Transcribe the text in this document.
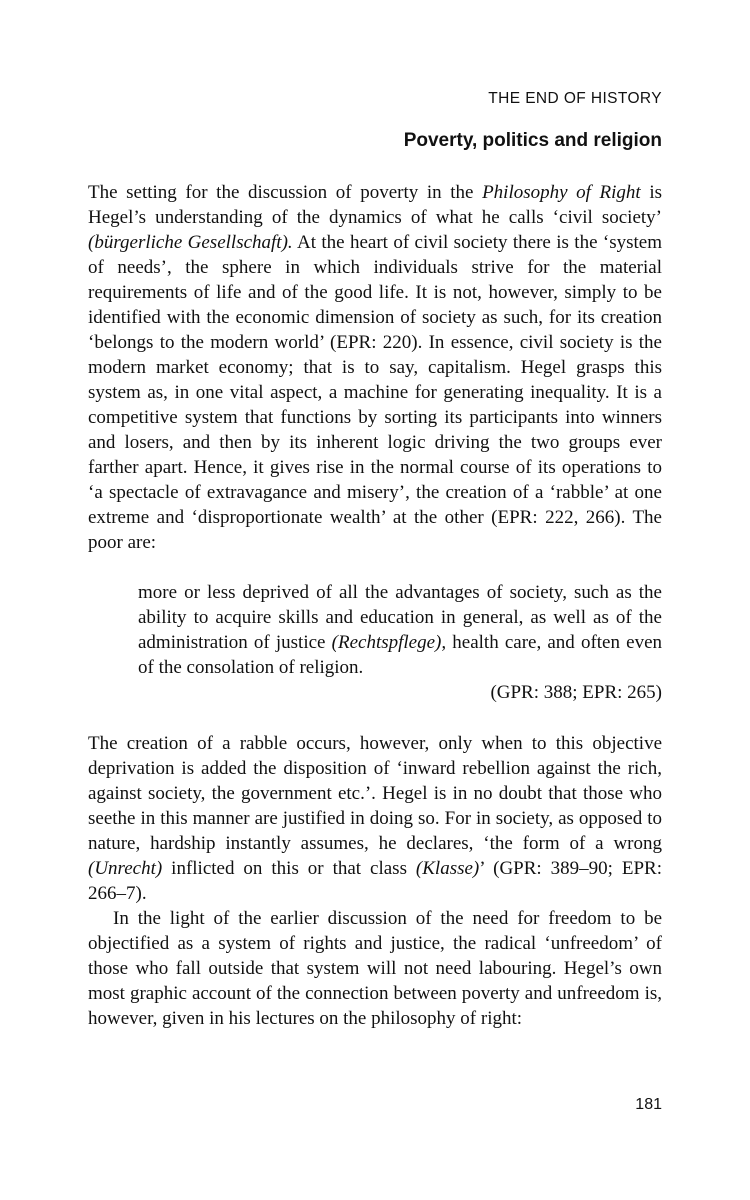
THE END OF HISTORY
Poverty, politics and religion

The setting for the discussion of poverty in the Philosophy of Right is Hegel’s understanding of the dynamics of what he calls ‘civil society’ (bürgerliche Gesellschaft). At the heart of civil society there is the ‘system of needs’, the sphere in which individuals strive for the material requirements of life and of the good life. It is not, however, simply to be identified with the economic dimension of society as such, for its creation ‘belongs to the modern world’ (EPR: 220). In essence, civil society is the modern market economy; that is to say, capitalism. Hegel grasps this system as, in one vital aspect, a machine for generating inequality. It is a competitive system that functions by sorting its participants into winners and losers, and then by its inherent logic driving the two groups ever farther apart. Hence, it gives rise in the normal course of its operations to ‘a spectacle of extravagance and misery’, the creation of a ‘rabble’ at one extreme and ‘disproportionate wealth’ at the other (EPR: 222, 266). The poor are:

more or less deprived of all the advantages of society, such as the ability to acquire skills and education in general, as well as of the administration of justice (Rechtspflege), health care, and often even of the consolation of religion.

(GPR: 388; EPR: 265)

The creation of a rabble occurs, however, only when to this objective deprivation is added the disposition of ‘inward rebellion against the rich, against society, the government etc.’. Hegel is in no doubt that those who seethe in this manner are justified in doing so. For in society, as opposed to nature, hardship instantly assumes, he declares, ‘the form of a wrong (Unrecht) inflicted on this or that class (Klasse)’ (GPR: 389–90; EPR: 266–7).

In the light of the earlier discussion of the need for freedom to be objectified as a system of rights and justice, the radical ‘unfreedom’ of those who fall outside that system will not need labouring. Hegel’s own most graphic account of the connection between poverty and unfreedom is, however, given in his lectures on the philosophy of right:

181
